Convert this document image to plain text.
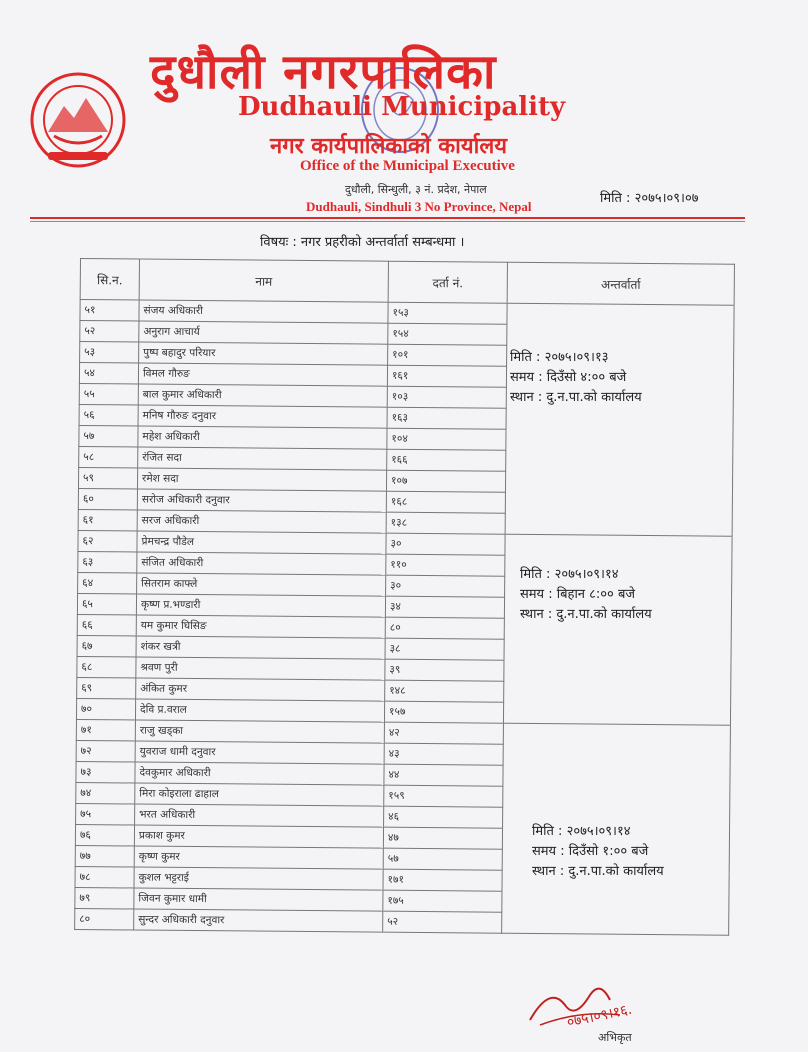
दुधौली नगरपालिका
Dudhauli Municipality
नगर कार्यपालिकाको कार्यालय
Office of the Municipal Executive
दुधौली, सिन्धुली, ३ नं. प्रदेश, नेपाल
Dudhauli, Sindhuli 3 No Province, Nepal
मिति : २०७५।०९।०७
विषयः : नगर प्रहरीको अन्तर्वार्ता सम्बन्धमा ।
सि.न.	नाम	दर्ता नं.	अन्तर्वार्ता
५१	संजय अधिकारी	१५३	
५२	अनुराग आचार्य	१५४	
५३	पुष्प बहादुर परियार	१०१	
५४	विमल गौरुङ	१६१	
५५	बाल कुमार अधिकारी	१०३	
५६	मनिष गौरुङ दनुवार	१६३	
५७	महेश अधिकारी	१०४	
५८	रंजित सदा	१६६	
५९	रमेश सदा	१०७	
६०	सरोज अधिकारी दनुवार	१६८	
६१	सरज अधिकारी	१३८	
६२	प्रेमचन्द्र पौडेल	३०	
६३	संजित अधिकारी	११०	
६४	सितराम काफ्ले	३०	
६५	कृष्ण प्र.भण्डारी	३४	
६६	यम कुमार घिसिङ	८०	
६७	शंकर खत्री	३८	
६८	श्रवण पुरी	३९	
६९	अंकित कुमर	१४८	
७०	देवि प्र.वराल	१५७	
७१	राजु खड्का	४२	
७२	युवराज धामी दनुवार	४३	
७३	देवकुमार अधिकारी	४४	
७४	मिरा कोइराला ढाहाल	१५९	
७५	भरत अधिकारी	४६	
७६	प्रकाश कुमर	४७	
७७	कृष्ण कुमर	५७	
७८	कुशल भट्टराई	१७१	
७९	जिवन कुमार धामी	१७५	
८०	सुन्दर अधिकारी दनुवार	५२	
मिति : २०७५।०९।१३
समय : दिउँसो ४:०० बजे
स्थान : दु.न.पा.को कार्यालय
मिति : २०७५।०९।१४
समय : बिहान ८:०० बजे
स्थान : दु.न.पा.को कार्यालय
मिति : २०७५।०९।१४
समय : दिउँसो १:०० बजे
स्थान : दु.न.पा.को कार्यालय
०७५।०९।१६.
अभिकृत
